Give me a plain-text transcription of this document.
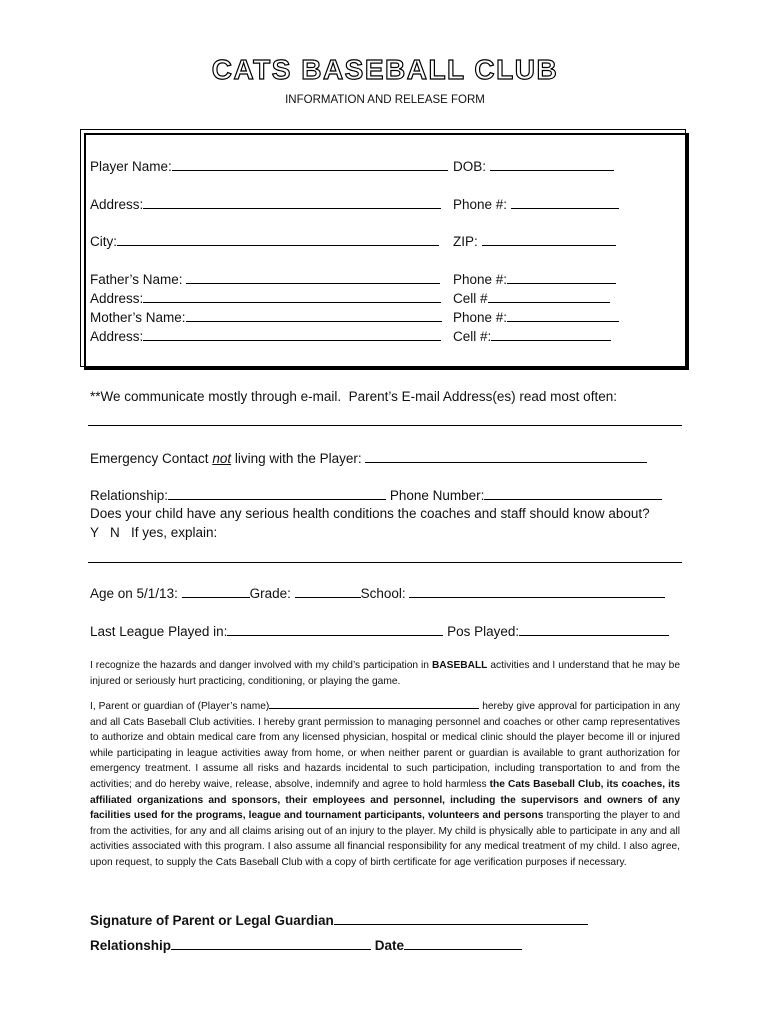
CATS BASEBALL CLUB
INFORMATION AND RELEASE FORM
Player Name:	DOB:
Address:	Phone #:
City:	ZIP:
Father’s Name:	Phone #:
Address:	Cell #
Mother’s Name:	Phone #:
Address:	Cell #:
**We communicate mostly through e-mail.  Parent’s E-mail Address(es) read most often:
Emergency Contact not living with the Player:
Relationship:	Phone Number:
Does your child have any serious health conditions the coaches and staff should know about?
Y   N   If yes, explain:
Age on 5/1/13:	Grade:	School:
Last League Played in:	Pos Played:
I recognize the hazards and danger involved with my child’s participation in BASEBALL activities and I understand that he may be injured or seriously hurt practicing, conditioning, or playing the game.
I, Parent or guardian of (Player’s name)	hereby give approval for participation in any and all Cats Baseball Club activities. I hereby grant permission to managing personnel and coaches or other camp representatives to authorize and obtain medical care from any licensed physician, hospital or medical clinic should the player become ill or injured while participating in league activities away from home, or when neither parent or guardian is available to grant authorization for emergency treatment. I assume all risks and hazards incidental to such participation, including transportation to and from the activities; and do hereby waive, release, absolve, indemnify and agree to hold harmless the Cats Baseball Club, its coaches, its affiliated organizations and sponsors, their employees and personnel, including the supervisors and owners of any facilities used for the programs, league and tournament participants, volunteers and persons transporting the player to and from the activities, for any and all claims arising out of an injury to the player. My child is physically able to participate in any and all activities associated with this program. I also assume all financial responsibility for any medical treatment of my child. I also agree, upon request, to supply the Cats Baseball Club with a copy of birth certificate for age verification purposes if necessary.
Signature of Parent or Legal Guardian
Relationship	Date
